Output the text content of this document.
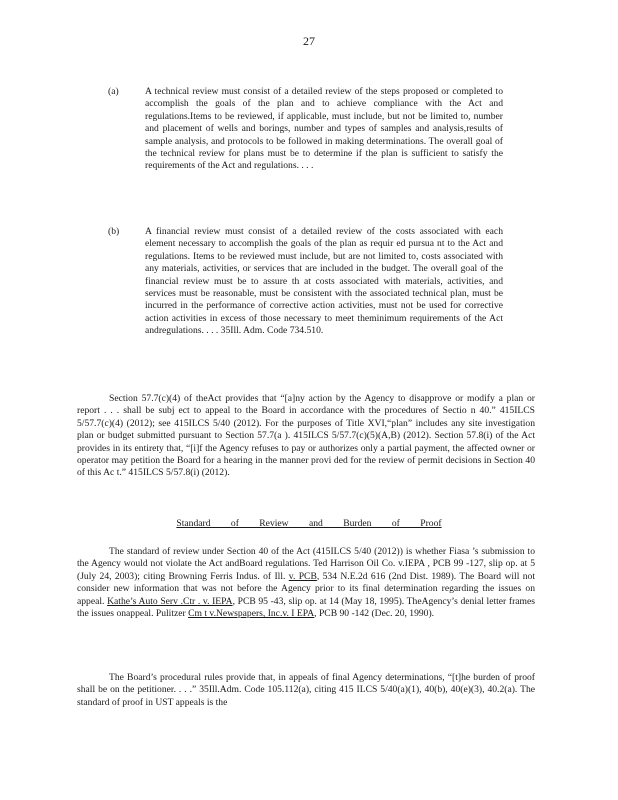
27
(a)	A technical review must consist of a detailed review of the steps proposed or completed to accomplish the goals of the plan and to achieve compliance with the Act and regulations.Items to be reviewed, if applicable, must include, but not be limited to, number and placement of wells and borings, number and types of samples and analysis,results of sample analysis, and protocols to be followed in making determinations. The overall goal of the technical review for plans must be to determine if the plan is sufficient to satisfy the requirements of the Act and regulations. . . .

(b)	A financial review must consist of a detailed review of the costs associated with each element necessary to accomplish the goals of the plan as requir ed pursua nt to the Act and regulations. Items to be reviewed must include, but are not limited to, costs associated with any materials, activities, or services that are included in the budget. The overall goal of the financial review must be to assure th at costs associated with materials, activities, and services must be reasonable, must be consistent with the associated technical plan, must be incurred in the performance of corrective action activities, must not be used for corrective action activities in excess of those necessary to meet theminimum requirements of the Act andregulations. . . . 35Ill. Adm. Code 734.510.

Section 57.7(c)(4) of theAct provides that “[a]ny action by the Agency to disapprove or modify a plan or report . . . shall be subj ect to appeal to the Board in accordance with the procedures of Sectio n 40.” 415ILCS 5/57.7(c)(4) (2012); see 415ILCS 5/40 (2012). For the purposes of Title XVI,“plan” includes any site investigation plan or budget submitted pursuant to Section 57.7(a ). 415ILCS 5/57.7(c)(5)(A,B) (2012). Section 57.8(i) of the Act provides in its entirety that, “[i]f the Agency refuses to pay or authorizes only a partial payment, the affected owner or operator may petition the Board for a hearing in the manner provi ded for the review of permit decisions in Section 40 of this Ac t.” 415ILCS 5/57.8(i) (2012).

Standard of Review and Burden of Proof

The standard of review under Section 40 of the Act (415ILCS 5/40 (2012)) is whether Fiasa ’s submission to the Agency would not violate the Act andBoard regulations. Ted Harrison Oil Co. v.IEPA , PCB 99 -127, slip op. at 5 (July 24, 2003); citing Browning Ferris Indus. of Ill. v. PCB, 534 N.E.2d 616 (2nd Dist. 1989). The Board will not consider new information that was not before the Agency prior to its final determination regarding the issues on appeal. Kathe’s Auto Serv .Ctr . v. IEPA, PCB 95 -43, slip op. at 14 (May 18, 1995). TheAgency’s denial letter frames the issues onappeal. Pulitzer Cm t v.Newspapers, Inc.v. I EPA, PCB 90 -142 (Dec. 20, 1990).

The Board’s procedural rules provide that, in appeals of final Agency determinations, “[t]he burden of proof shall be on the petitioner. . . .” 35Ill.Adm. Code 105.112(a), citing 415 ILCS 5/40(a)(1), 40(b), 40(e)(3), 40.2(a). The standard of proof in UST appeals is the
